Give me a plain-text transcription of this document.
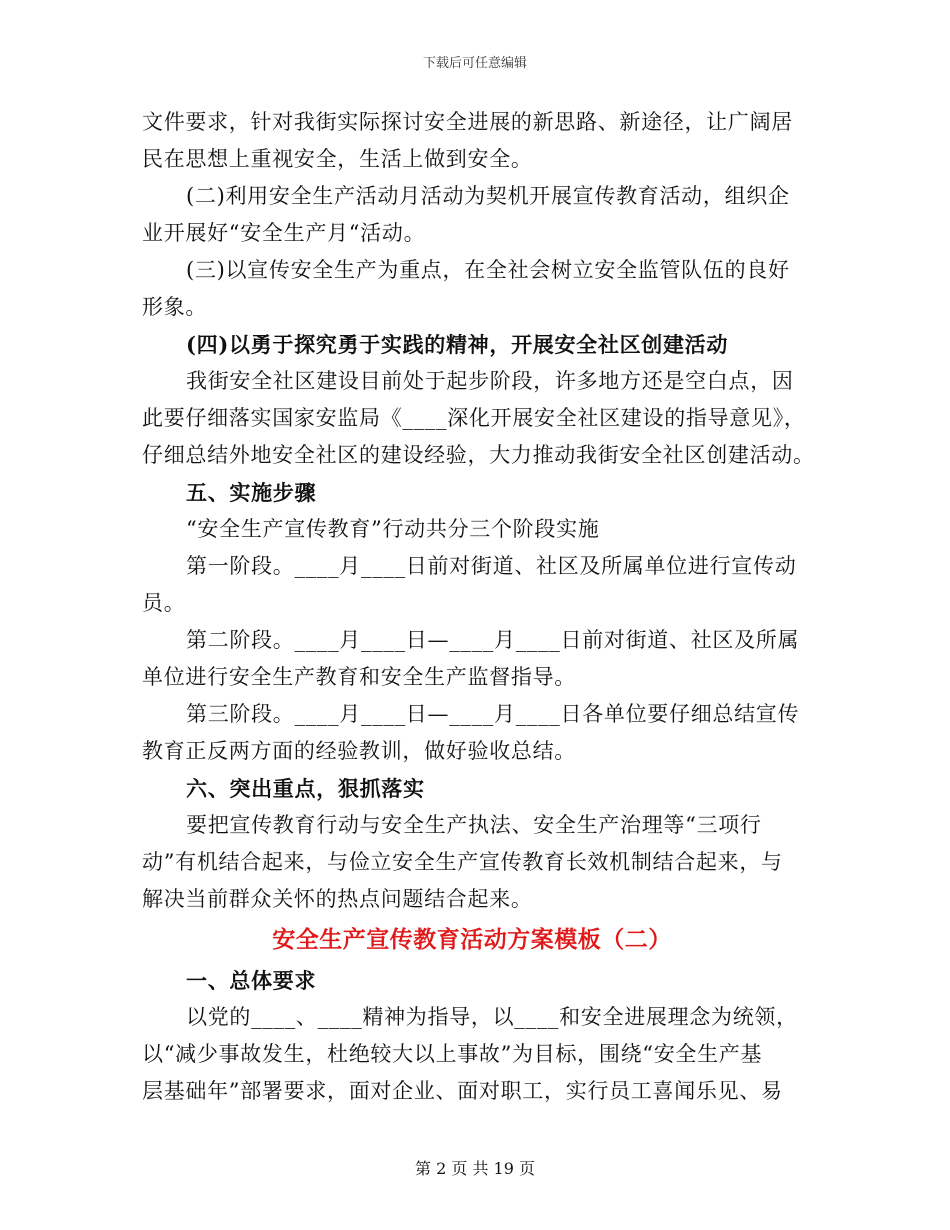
下载后可任意编辑

文件要求，针对我街实际探讨安全进展的新思路、新途径，让广阔居

民在思想上重视安全，生活上做到安全。

(二)利用安全生产活动月活动为契机开展宣传教育活动，组织企

业开展好“安全生产月“活动。

(三)以宣传安全生产为重点，在全社会树立安全监管队伍的良好

形象。

(四)以勇于探究勇于实践的精神，开展安全社区创建活动

我街安全社区建设目前处于起步阶段，许多地方还是空白点，因

此要仔细落实国家安监局《____深化开展安全社区建设的指导意见》，

仔细总结外地安全社区的建设经验，大力推动我街安全社区创建活动。

五、实施步骤

“安全生产宣传教育”行动共分三个阶段实施

第一阶段。____月____日前对街道、社区及所属单位进行宣传动

员。

第二阶段。____月____日—____月____日前对街道、社区及所属

单位进行安全生产教育和安全生产监督指导。

第三阶段。____月____日—____月____日各单位要仔细总结宣传

教育正反两方面的经验教训，做好验收总结。

六、突出重点，狠抓落实

要把宣传教育行动与安全生产执法、安全生产治理等“三项行

动”有机结合起来，与俭立安全生产宣传教育长效机制结合起来，与

解决当前群众关怀的热点问题结合起来。

安全生产宣传教育活动方案模板（二）

一、总体要求

以党的____、____精神为指导，以____和安全进展理念为统领，

以“减少事故发生，杜绝较大以上事故”为目标，围绕“安全生产基

层基础年”部署要求，面对企业、面对职工，实行员工喜闻乐见、易

第 2 页 共 19 页
